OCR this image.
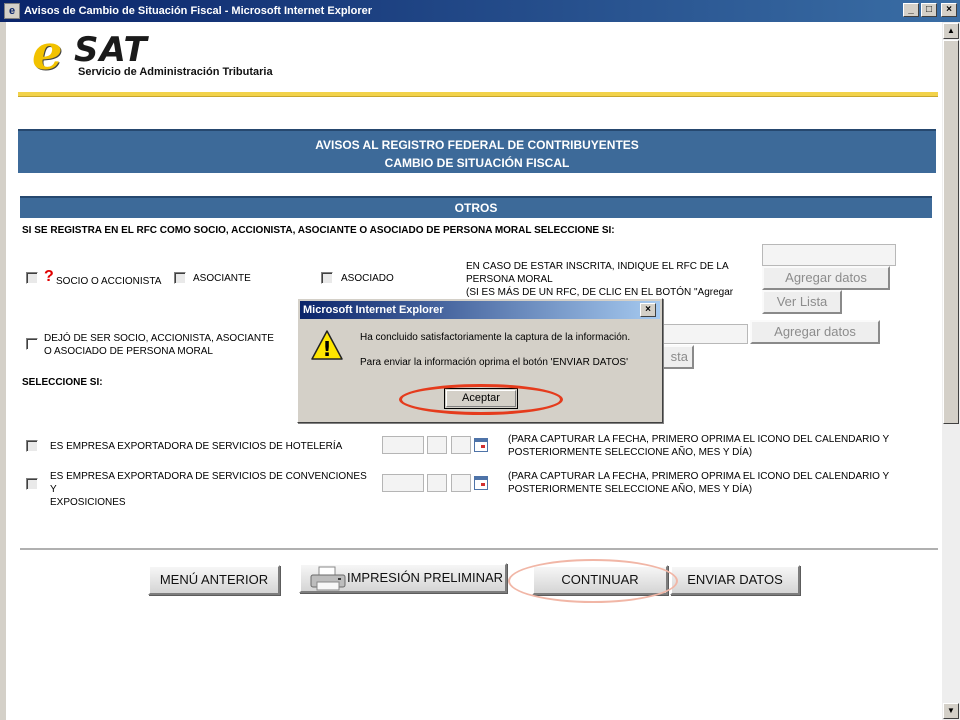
e Avisos de Cambio de Situación Fiscal - Microsoft Internet Explorer	_	□	×
e SAT
Servicio de Administración Tributaria
AVISOS AL REGISTRO FEDERAL DE CONTRIBUYENTES
CAMBIO DE SITUACIÓN FISCAL
OTROS
SI SE REGISTRA EN EL RFC COMO SOCIO, ACCIONISTA, ASOCIANTE O ASOCIADO DE PERSONA MORAL SELECCIONE SI:
? SOCIO O ACCIONISTA	ASOCIANTE	ASOCIADO
EN CASO DE ESTAR INSCRITA, INDIQUE EL RFC DE LA
PERSONA MORAL
(SI ES MÁS DE UN RFC, DE CLIC EN EL BOTÓN "Agregar
Agregar datos
Ver Lista
DEJÓ DE SER SOCIO, ACCIONISTA, ASOCIANTE O ASOCIADO DE PERSONA MORAL
Agregar datos
sta
SELECCIONE SI:
ES EMPRESA EXPORTADORA DE SERVICIOS DE HOTELERÍA
(PARA CAPTURAR LA FECHA, PRIMERO OPRIMA EL ICONO DEL CALENDARIO Y
POSTERIORMENTE SELECCIONE AÑO, MES Y DÍA)
ES EMPRESA EXPORTADORA DE SERVICIOS DE CONVENCIONES Y
EXPOSICIONES
(PARA CAPTURAR LA FECHA, PRIMERO OPRIMA EL ICONO DEL CALENDARIO Y
POSTERIORMENTE SELECCIONE AÑO, MES Y DÍA)
MENÚ ANTERIOR	IMPRESIÓN PRELIMINAR	CONTINUAR	ENVIAR DATOS
▲
▼
Microsoft Internet Explorer	×
!	Ha concluido satisfactoriamente la captura de la información.
Para enviar la información oprima el botón 'ENVIAR DATOS'
Aceptar
